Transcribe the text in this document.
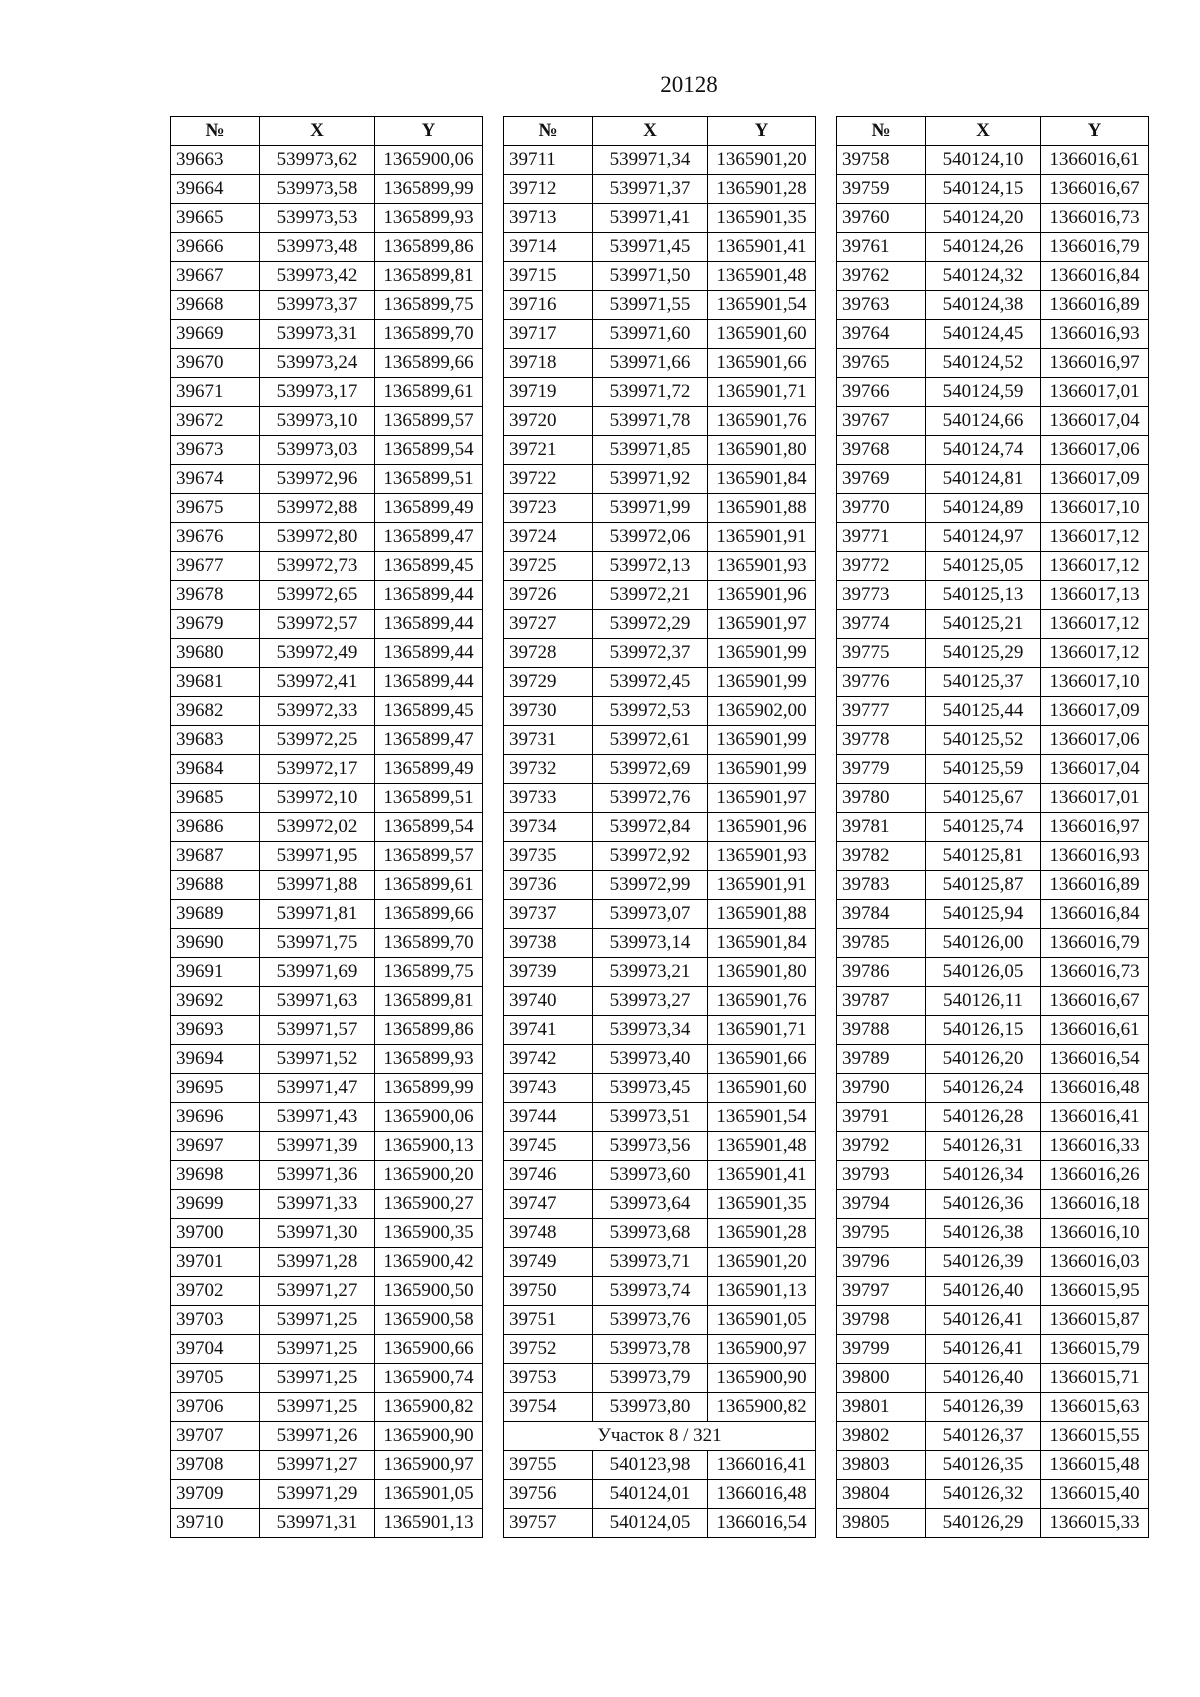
20128
№	X	Y
39663	539973,62	1365900,06
39664	539973,58	1365899,99
39665	539973,53	1365899,93
39666	539973,48	1365899,86
39667	539973,42	1365899,81
39668	539973,37	1365899,75
39669	539973,31	1365899,70
39670	539973,24	1365899,66
39671	539973,17	1365899,61
39672	539973,10	1365899,57
39673	539973,03	1365899,54
39674	539972,96	1365899,51
39675	539972,88	1365899,49
39676	539972,80	1365899,47
39677	539972,73	1365899,45
39678	539972,65	1365899,44
39679	539972,57	1365899,44
39680	539972,49	1365899,44
39681	539972,41	1365899,44
39682	539972,33	1365899,45
39683	539972,25	1365899,47
39684	539972,17	1365899,49
39685	539972,10	1365899,51
39686	539972,02	1365899,54
39687	539971,95	1365899,57
39688	539971,88	1365899,61
39689	539971,81	1365899,66
39690	539971,75	1365899,70
39691	539971,69	1365899,75
39692	539971,63	1365899,81
39693	539971,57	1365899,86
39694	539971,52	1365899,93
39695	539971,47	1365899,99
39696	539971,43	1365900,06
39697	539971,39	1365900,13
39698	539971,36	1365900,20
39699	539971,33	1365900,27
39700	539971,30	1365900,35
39701	539971,28	1365900,42
39702	539971,27	1365900,50
39703	539971,25	1365900,58
39704	539971,25	1365900,66
39705	539971,25	1365900,74
39706	539971,25	1365900,82
39707	539971,26	1365900,90
39708	539971,27	1365900,97
39709	539971,29	1365901,05
39710	539971,31	1365901,13
№	X	Y
39711	539971,34	1365901,20
39712	539971,37	1365901,28
39713	539971,41	1365901,35
39714	539971,45	1365901,41
39715	539971,50	1365901,48
39716	539971,55	1365901,54
39717	539971,60	1365901,60
39718	539971,66	1365901,66
39719	539971,72	1365901,71
39720	539971,78	1365901,76
39721	539971,85	1365901,80
39722	539971,92	1365901,84
39723	539971,99	1365901,88
39724	539972,06	1365901,91
39725	539972,13	1365901,93
39726	539972,21	1365901,96
39727	539972,29	1365901,97
39728	539972,37	1365901,99
39729	539972,45	1365901,99
39730	539972,53	1365902,00
39731	539972,61	1365901,99
39732	539972,69	1365901,99
39733	539972,76	1365901,97
39734	539972,84	1365901,96
39735	539972,92	1365901,93
39736	539972,99	1365901,91
39737	539973,07	1365901,88
39738	539973,14	1365901,84
39739	539973,21	1365901,80
39740	539973,27	1365901,76
39741	539973,34	1365901,71
39742	539973,40	1365901,66
39743	539973,45	1365901,60
39744	539973,51	1365901,54
39745	539973,56	1365901,48
39746	539973,60	1365901,41
39747	539973,64	1365901,35
39748	539973,68	1365901,28
39749	539973,71	1365901,20
39750	539973,74	1365901,13
39751	539973,76	1365901,05
39752	539973,78	1365900,97
39753	539973,79	1365900,90
39754	539973,80	1365900,82
Участок 8 / 321		
39755	540123,98	1366016,41
39756	540124,01	1366016,48
39757	540124,05	1366016,54
№	X	Y
39758	540124,10	1366016,61
39759	540124,15	1366016,67
39760	540124,20	1366016,73
39761	540124,26	1366016,79
39762	540124,32	1366016,84
39763	540124,38	1366016,89
39764	540124,45	1366016,93
39765	540124,52	1366016,97
39766	540124,59	1366017,01
39767	540124,66	1366017,04
39768	540124,74	1366017,06
39769	540124,81	1366017,09
39770	540124,89	1366017,10
39771	540124,97	1366017,12
39772	540125,05	1366017,12
39773	540125,13	1366017,13
39774	540125,21	1366017,12
39775	540125,29	1366017,12
39776	540125,37	1366017,10
39777	540125,44	1366017,09
39778	540125,52	1366017,06
39779	540125,59	1366017,04
39780	540125,67	1366017,01
39781	540125,74	1366016,97
39782	540125,81	1366016,93
39783	540125,87	1366016,89
39784	540125,94	1366016,84
39785	540126,00	1366016,79
39786	540126,05	1366016,73
39787	540126,11	1366016,67
39788	540126,15	1366016,61
39789	540126,20	1366016,54
39790	540126,24	1366016,48
39791	540126,28	1366016,41
39792	540126,31	1366016,33
39793	540126,34	1366016,26
39794	540126,36	1366016,18
39795	540126,38	1366016,10
39796	540126,39	1366016,03
39797	540126,40	1366015,95
39798	540126,41	1366015,87
39799	540126,41	1366015,79
39800	540126,40	1366015,71
39801	540126,39	1366015,63
39802	540126,37	1366015,55
39803	540126,35	1366015,48
39804	540126,32	1366015,40
39805	540126,29	1366015,33
